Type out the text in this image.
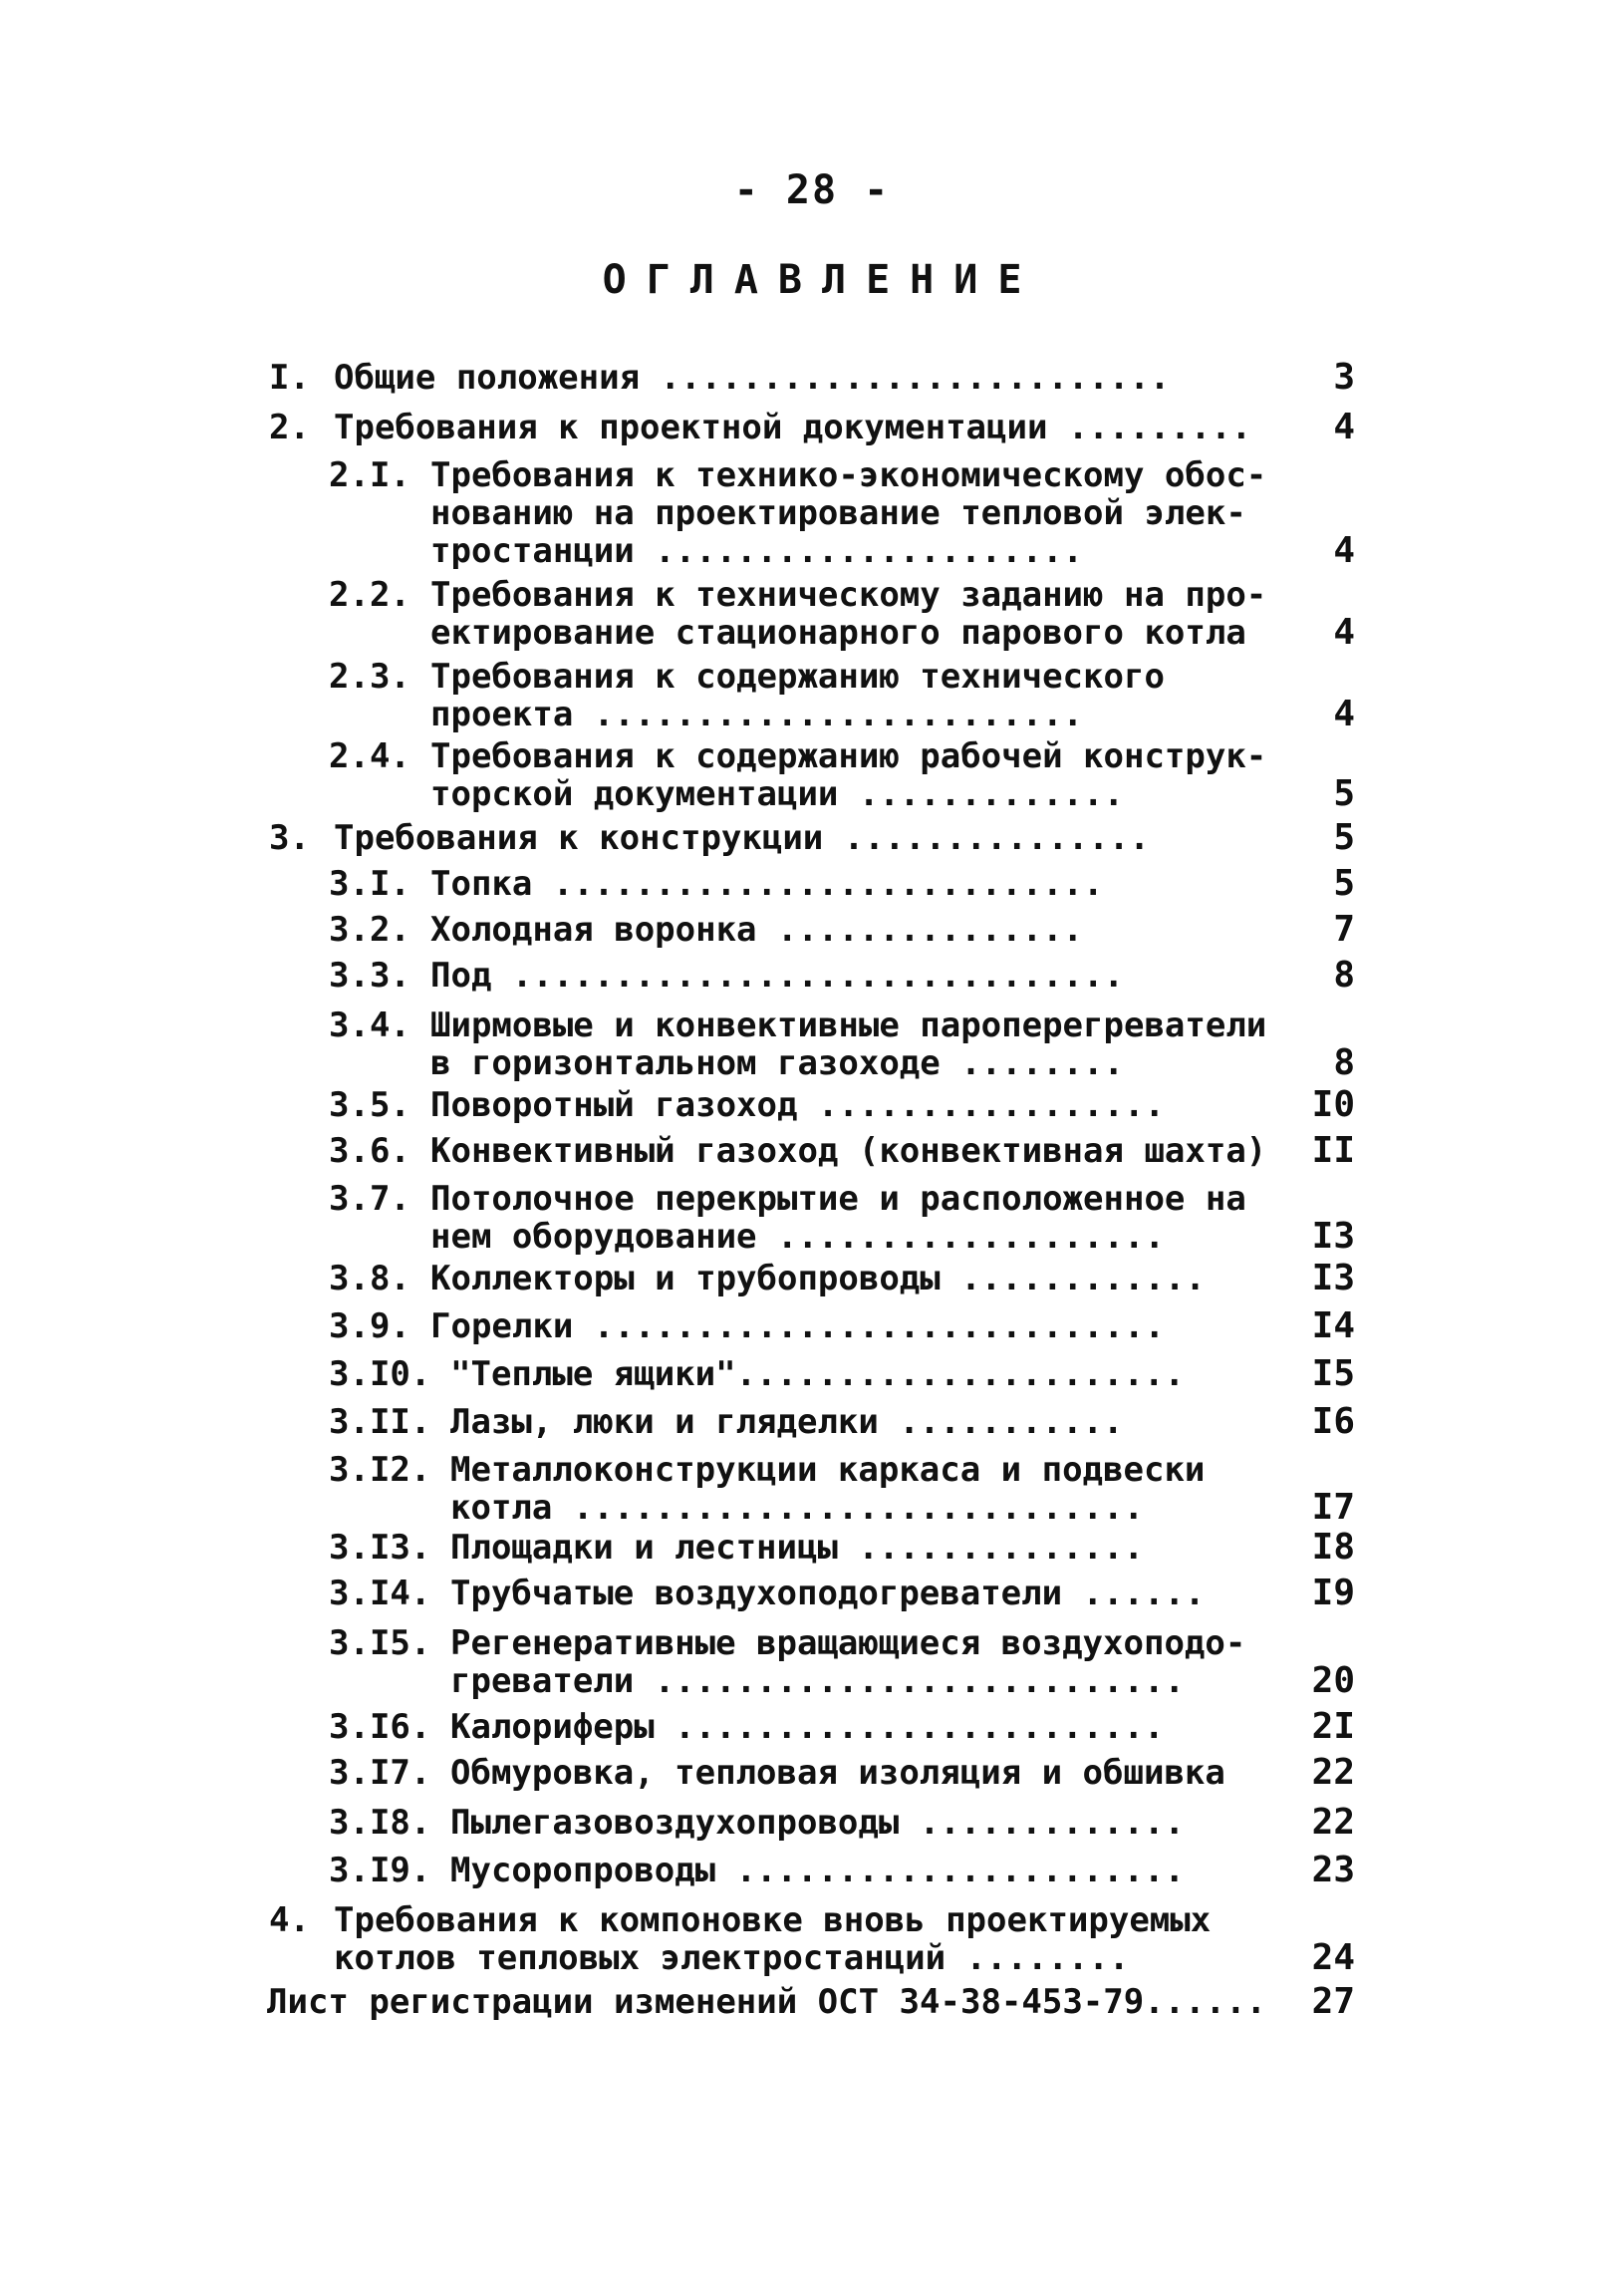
- 28 -
ОГЛАВЛЕНИЕ
I. Общие положения .........................	3
2. Требования к проектной документации .........	4
2.I. Требования к технико-экономическому обос-
нованию на проектирование тепловой элек-
тростанции .....................	4
2.2. Требования к техническому заданию на про-
ектирование стационарного парового котла	4
2.3. Требования к содержанию технического
проекта ........................	4
2.4. Требования к содержанию рабочей конструк-
торской документации .............	5
3. Требования к конструкции ...............	5
3.I. Топка ...........................	5
3.2. Холодная воронка ...............	7
3.3. Под ..............................	8
3.4. Ширмовые и конвективные пароперегреватели
в горизонтальном газоходе ........	8
3.5. Поворотный газоход .................	I0
3.6. Конвективный газоход (конвективная шахта)	II
3.7. Потолочное перекрытие и расположенное на
нем оборудование ...................	I3
3.8. Коллекторы и трубопроводы ............	I3
3.9. Горелки ............................	I4
3.I0. "Теплые ящики"......................	I5
3.II. Лазы, люки и гляделки ...........	I6
3.I2. Металлоконструкции каркаса и подвески
котла ............................	I7
3.I3. Площадки и лестницы ..............	I8
3.I4. Трубчатые воздухоподогреватели ......	I9
3.I5. Регенеративные вращающиеся воздухоподо-
греватели ..........................	20
3.I6. Калориферы ........................	2I
3.I7. Обмуровка, тепловая изоляция и обшивка	22
3.I8. Пылегазовоздухопроводы .............	22
3.I9. Мусоропроводы ......................	23
4. Требования к компоновке вновь проектируемых
котлов тепловых электростанций ........	24
Лист регистрации изменений ОСТ 34-38-453-79......	27
